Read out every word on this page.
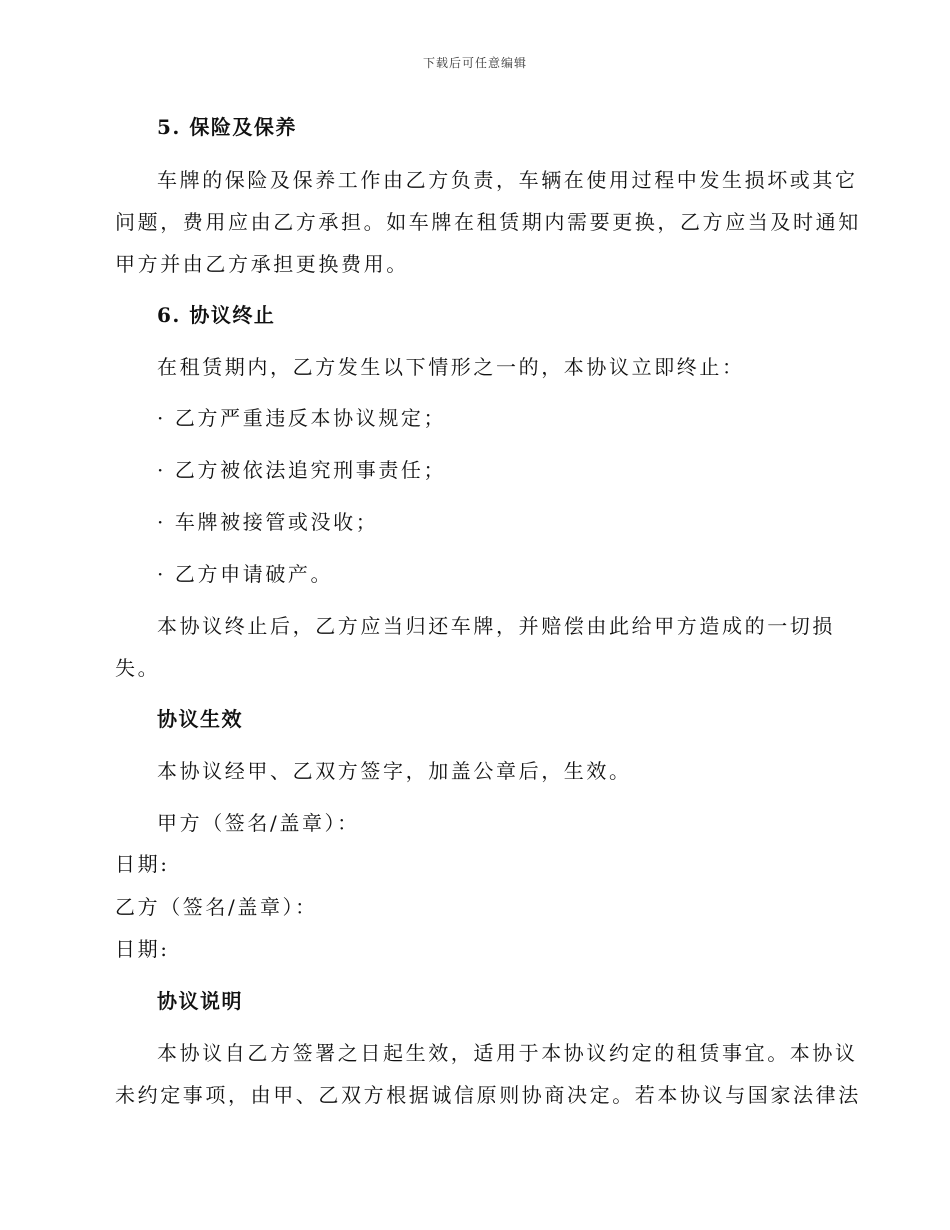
下载后可任意编辑
5. 保险及保养
车牌的保险及保养工作由乙方负责，车辆在使用过程中发生损坏或其它
问题，费用应由乙方承担。如车牌在租赁期内需要更换，乙方应当及时通知
甲方并由乙方承担更换费用。
6. 协议终止
在租赁期内，乙方发生以下情形之一的，本协议立即终止：
· 乙方严重违反本协议规定；
· 乙方被依法追究刑事责任；
· 车牌被接管或没收；
· 乙方申请破产。
本协议终止后，乙方应当归还车牌，并赔偿由此给甲方造成的一切损
失。
协议生效
本协议经甲、乙双方签字，加盖公章后，生效。
甲方（签名/盖章）：
日期:
乙方（签名/盖章）：
日期:
协议说明
本协议自乙方签署之日起生效，适用于本协议约定的租赁事宜。本协议
未约定事项，由甲、乙双方根据诚信原则协商决定。若本协议与国家法律法
